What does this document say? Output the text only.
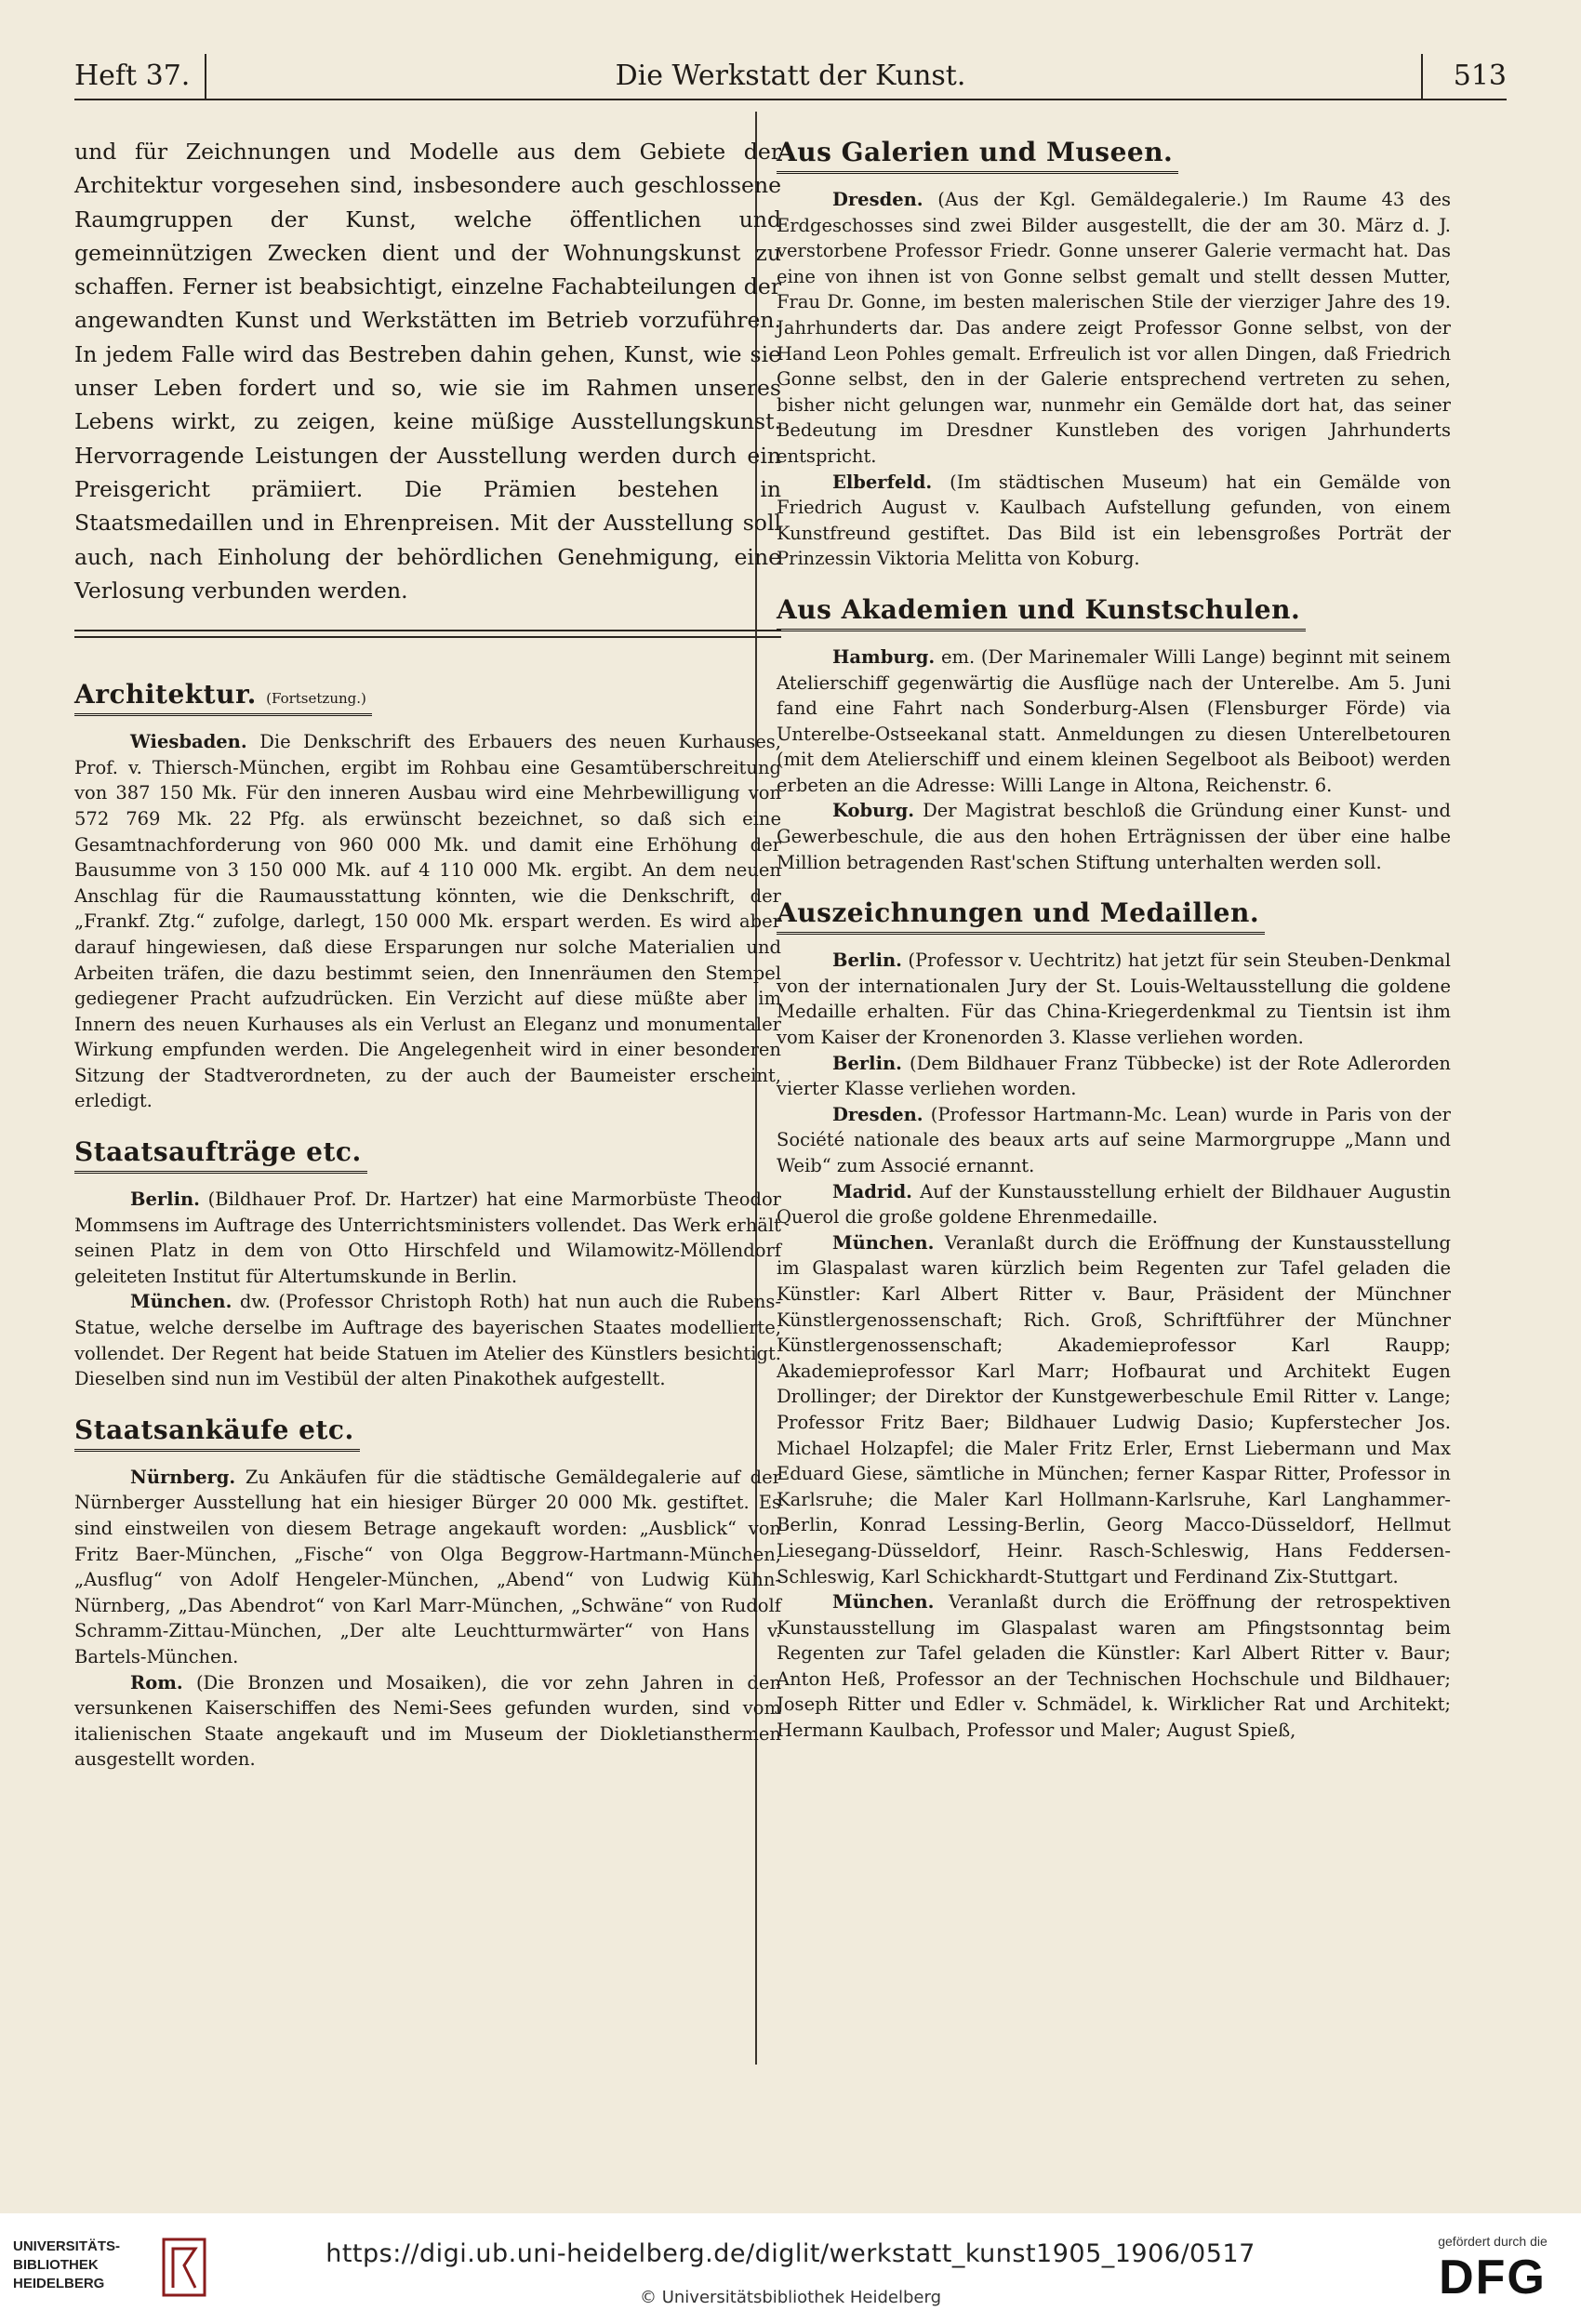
Heft 37.	Die Werkstatt der Kunst.	513

und für Zeichnungen und Modelle aus dem Gebiete der Architektur vorgesehen sind, insbesondere auch geschlossene Raumgruppen der Kunst, welche öffentlichen und gemeinnützigen Zwecken dient und der Wohnungskunst zu schaffen. Ferner ist beabsichtigt, einzelne Fachabteilungen der angewandten Kunst und Werkstätten im Betrieb vorzuführen. In jedem Falle wird das Bestreben dahin gehen, Kunst, wie sie unser Leben fordert und so, wie sie im Rahmen unseres Lebens wirkt, zu zeigen, keine müßige Ausstellungskunst. Hervorragende Leistungen der Ausstellung werden durch ein Preisgericht prämiiert. Die Prämien bestehen in Staatsmedaillen und in Ehrenpreisen. Mit der Ausstellung soll auch, nach Einholung der behördlichen Genehmigung, eine Verlosung verbunden werden.

Architektur. (Fortsetzung.)

Wiesbaden. Die Denkschrift des Erbauers des neuen Kurhauses, Prof. v. Thiersch-München, ergibt im Rohbau eine Gesamtüberschreitung von 387 150 Mk. Für den inneren Ausbau wird eine Mehrbewilligung von 572 769 Mk. 22 Pfg. als erwünscht bezeichnet, so daß sich eine Gesamtnachforderung von 960 000 Mk. und damit eine Erhöhung der Bausumme von 3 150 000 Mk. auf 4 110 000 Mk. ergibt. An dem neuen Anschlag für die Raumausstattung könnten, wie die Denkschrift, der „Frankf. Ztg.“ zufolge, darlegt, 150 000 Mk. erspart werden. Es wird aber darauf hingewiesen, daß diese Ersparungen nur solche Materialien und Arbeiten träfen, die dazu bestimmt seien, den Innenräumen den Stempel gediegener Pracht aufzudrücken. Ein Verzicht auf diese müßte aber im Innern des neuen Kurhauses als ein Verlust an Eleganz und monumentaler Wirkung empfunden werden. Die Angelegenheit wird in einer besonderen Sitzung der Stadtverordneten, zu der auch der Baumeister erscheint, erledigt.

Staatsaufträge etc.

Berlin. (Bildhauer Prof. Dr. Hartzer) hat eine Marmorbüste Theodor Mommsens im Auftrage des Unterrichtsministers vollendet. Das Werk erhält seinen Platz in dem von Otto Hirschfeld und Wilamowitz-Möllendorf geleiteten Institut für Altertumskunde in Berlin.

München. dw. (Professor Christoph Roth) hat nun auch die Rubens-Statue, welche derselbe im Auftrage des bayerischen Staates modellierte, vollendet. Der Regent hat beide Statuen im Atelier des Künstlers besichtigt. Dieselben sind nun im Vestibül der alten Pinakothek aufgestellt.

Staatsankäufe etc.

Nürnberg. Zu Ankäufen für die städtische Gemäldegalerie auf der Nürnberger Ausstellung hat ein hiesiger Bürger 20 000 Mk. gestiftet. Es sind einstweilen von diesem Betrage angekauft worden: „Ausblick“ von Fritz Baer-München, „Fische“ von Olga Beggrow-Hartmann-München, „Ausflug“ von Adolf Hengeler-München, „Abend“ von Ludwig Kühn-Nürnberg, „Das Abendrot“ von Karl Marr-München, „Schwäne“ von Rudolf Schramm-Zittau-München, „Der alte Leuchtturmwärter“ von Hans v. Bartels-München.

Rom. (Die Bronzen und Mosaiken), die vor zehn Jahren in den versunkenen Kaiserschiffen des Nemi-Sees gefunden wurden, sind vom italienischen Staate angekauft und im Museum der Diokletiansthermen ausgestellt worden.

Aus Galerien und Museen.

Dresden. (Aus der Kgl. Gemäldegalerie.) Im Raume 43 des Erdgeschosses sind zwei Bilder ausgestellt, die der am 30. März d. J. verstorbene Professor Friedr. Gonne unserer Galerie vermacht hat. Das eine von ihnen ist von Gonne selbst gemalt und stellt dessen Mutter, Frau Dr. Gonne, im besten malerischen Stile der vierziger Jahre des 19. Jahrhunderts dar. Das andere zeigt Professor Gonne selbst, von der Hand Leon Pohles gemalt. Erfreulich ist vor allen Dingen, daß Friedrich Gonne selbst, den in der Galerie entsprechend vertreten zu sehen, bisher nicht gelungen war, nunmehr ein Gemälde dort hat, das seiner Bedeutung im Dresdner Kunstleben des vorigen Jahrhunderts entspricht.

Elberfeld. (Im städtischen Museum) hat ein Gemälde von Friedrich August v. Kaulbach Aufstellung gefunden, von einem Kunstfreund gestiftet. Das Bild ist ein lebensgroßes Porträt der Prinzessin Viktoria Melitta von Koburg.

Aus Akademien und Kunstschulen.

Hamburg. em. (Der Marinemaler Willi Lange) beginnt mit seinem Atelierschiff gegenwärtig die Ausflüge nach der Unterelbe. Am 5. Juni fand eine Fahrt nach Sonderburg-Alsen (Flensburger Förde) via Unterelbe-Ostseekanal statt. Anmeldungen zu diesen Unterelbetouren (mit dem Atelierschiff und einem kleinen Segelboot als Beiboot) werden erbeten an die Adresse: Willi Lange in Altona, Reichenstr. 6.

Koburg. Der Magistrat beschloß die Gründung einer Kunst- und Gewerbeschule, die aus den hohen Erträgnissen der über eine halbe Million betragenden Rast'schen Stiftung unterhalten werden soll.

Auszeichnungen und Medaillen.

Berlin. (Professor v. Uechtritz) hat jetzt für sein Steuben-Denkmal von der internationalen Jury der St. Louis-Weltausstellung die goldene Medaille erhalten. Für das China-Kriegerdenkmal zu Tientsin ist ihm vom Kaiser der Kronenorden 3. Klasse verliehen worden.

Berlin. (Dem Bildhauer Franz Tübbecke) ist der Rote Adlerorden vierter Klasse verliehen worden.

Dresden. (Professor Hartmann-Mc. Lean) wurde in Paris von der Société nationale des beaux arts auf seine Marmorgruppe „Mann und Weib“ zum Associé ernannt.

Madrid. Auf der Kunstausstellung erhielt der Bildhauer Augustin Querol die große goldene Ehrenmedaille.

München. Veranlaßt durch die Eröffnung der Kunstausstellung im Glaspalast waren kürzlich beim Regenten zur Tafel geladen die Künstler: Karl Albert Ritter v. Baur, Präsident der Münchner Künstlergenossenschaft; Rich. Groß, Schriftführer der Münchner Künstlergenossenschaft; Akademieprofessor Karl Raupp; Akademieprofessor Karl Marr; Hofbaurat und Architekt Eugen Drollinger; der Direktor der Kunstgewerbeschule Emil Ritter v. Lange; Professor Fritz Baer; Bildhauer Ludwig Dasio; Kupferstecher Jos. Michael Holzapfel; die Maler Fritz Erler, Ernst Liebermann und Max Eduard Giese, sämtliche in München; ferner Kaspar Ritter, Professor in Karlsruhe; die Maler Karl Hollmann-Karlsruhe, Karl Langhammer-Berlin, Konrad Lessing-Berlin, Georg Macco-Düsseldorf, Hellmut Liesegang-Düsseldorf, Heinr. Rasch-Schleswig, Hans Feddersen-Schleswig, Karl Schickhardt-Stuttgart und Ferdinand Zix-Stuttgart.

München. Veranlaßt durch die Eröffnung der retrospektiven Kunstausstellung im Glaspalast waren am Pfingstsonntag beim Regenten zur Tafel geladen die Künstler: Karl Albert Ritter v. Baur; Anton Heß, Professor an der Technischen Hochschule und Bildhauer; Joseph Ritter und Edler v. Schmädel, k. Wirklicher Rat und Architekt; Hermann Kaulbach, Professor und Maler; August Spieß,

UNIVERSITÄTS-
BIBLIOTHEK
HEIDELBERG
https://digi.ub.uni-heidelberg.de/diglit/werkstatt_kunst1905_1906/0517
© Universitätsbibliothek Heidelberg
gefördert durch die
DFG
